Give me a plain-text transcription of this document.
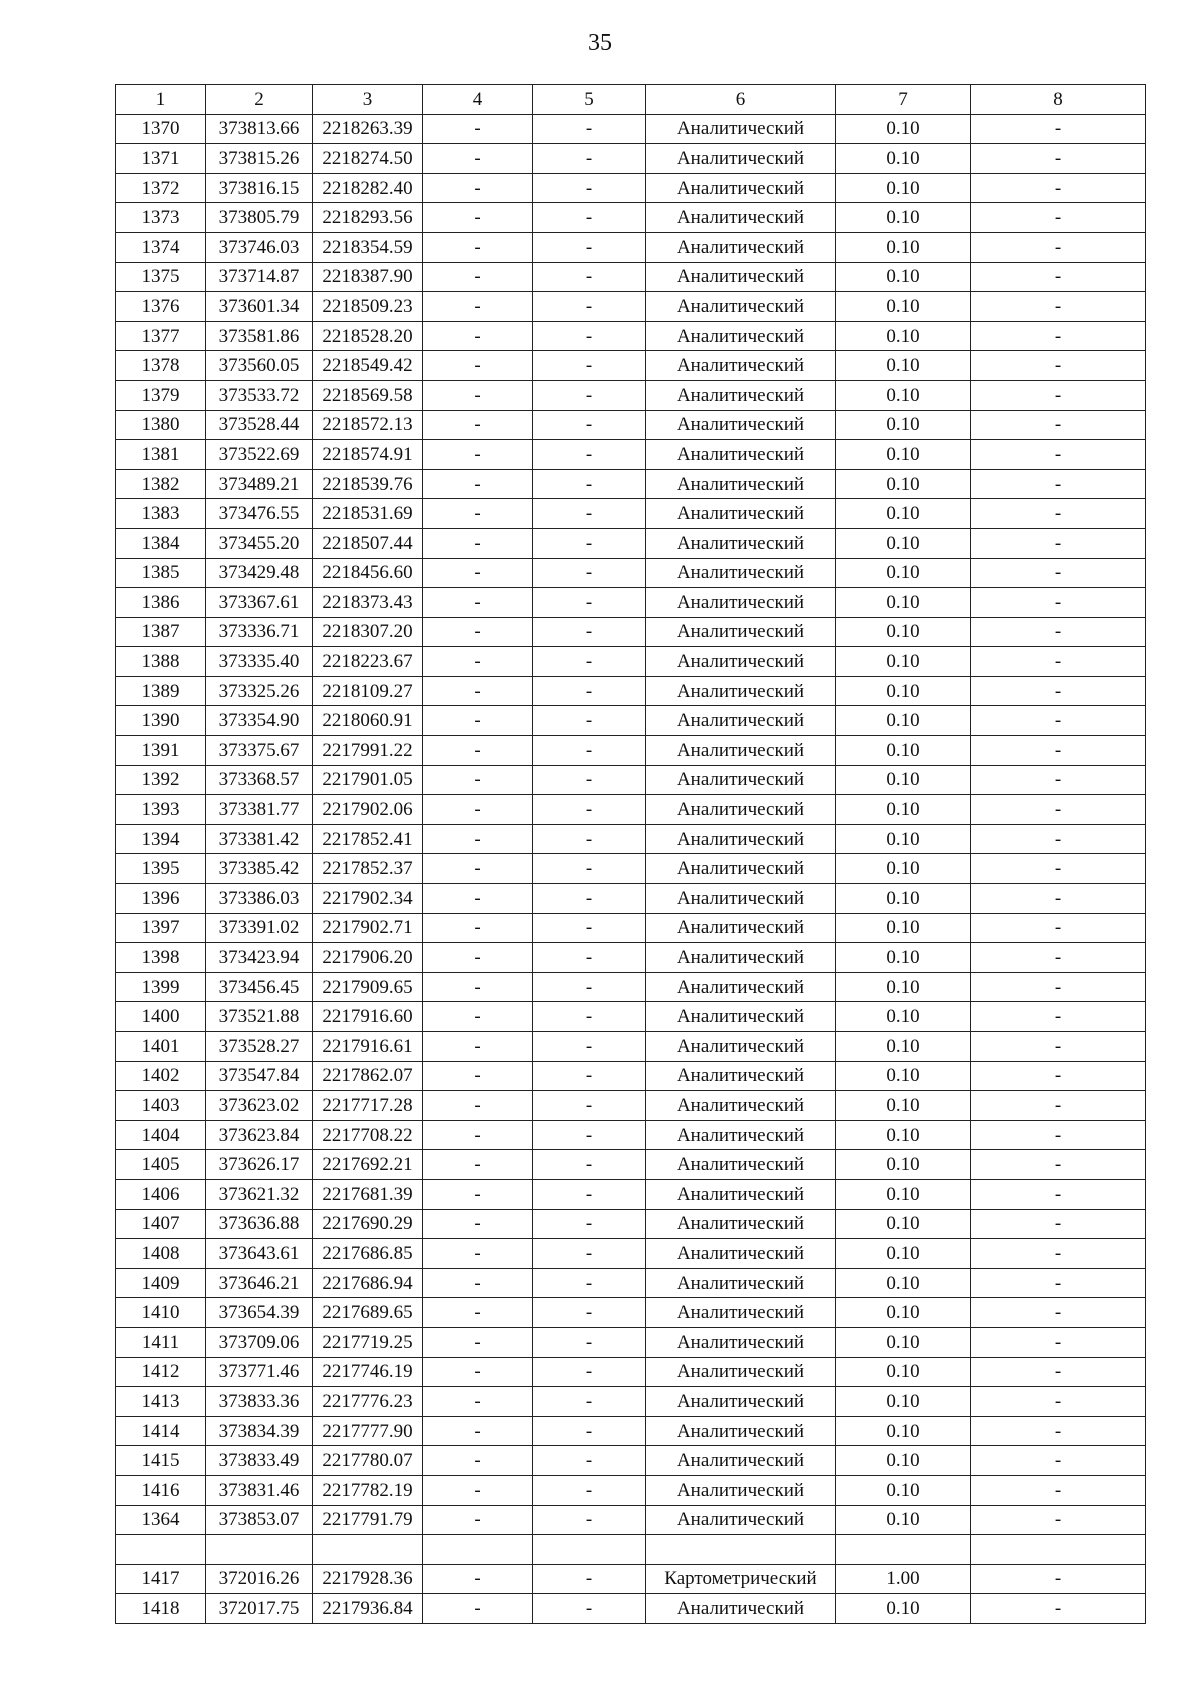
35
1	2	3	4	5	6	7	8
1370	373813.66	2218263.39	-	-	Аналитический	0.10	-
1371	373815.26	2218274.50	-	-	Аналитический	0.10	-
1372	373816.15	2218282.40	-	-	Аналитический	0.10	-
1373	373805.79	2218293.56	-	-	Аналитический	0.10	-
1374	373746.03	2218354.59	-	-	Аналитический	0.10	-
1375	373714.87	2218387.90	-	-	Аналитический	0.10	-
1376	373601.34	2218509.23	-	-	Аналитический	0.10	-
1377	373581.86	2218528.20	-	-	Аналитический	0.10	-
1378	373560.05	2218549.42	-	-	Аналитический	0.10	-
1379	373533.72	2218569.58	-	-	Аналитический	0.10	-
1380	373528.44	2218572.13	-	-	Аналитический	0.10	-
1381	373522.69	2218574.91	-	-	Аналитический	0.10	-
1382	373489.21	2218539.76	-	-	Аналитический	0.10	-
1383	373476.55	2218531.69	-	-	Аналитический	0.10	-
1384	373455.20	2218507.44	-	-	Аналитический	0.10	-
1385	373429.48	2218456.60	-	-	Аналитический	0.10	-
1386	373367.61	2218373.43	-	-	Аналитический	0.10	-
1387	373336.71	2218307.20	-	-	Аналитический	0.10	-
1388	373335.40	2218223.67	-	-	Аналитический	0.10	-
1389	373325.26	2218109.27	-	-	Аналитический	0.10	-
1390	373354.90	2218060.91	-	-	Аналитический	0.10	-
1391	373375.67	2217991.22	-	-	Аналитический	0.10	-
1392	373368.57	2217901.05	-	-	Аналитический	0.10	-
1393	373381.77	2217902.06	-	-	Аналитический	0.10	-
1394	373381.42	2217852.41	-	-	Аналитический	0.10	-
1395	373385.42	2217852.37	-	-	Аналитический	0.10	-
1396	373386.03	2217902.34	-	-	Аналитический	0.10	-
1397	373391.02	2217902.71	-	-	Аналитический	0.10	-
1398	373423.94	2217906.20	-	-	Аналитический	0.10	-
1399	373456.45	2217909.65	-	-	Аналитический	0.10	-
1400	373521.88	2217916.60	-	-	Аналитический	0.10	-
1401	373528.27	2217916.61	-	-	Аналитический	0.10	-
1402	373547.84	2217862.07	-	-	Аналитический	0.10	-
1403	373623.02	2217717.28	-	-	Аналитический	0.10	-
1404	373623.84	2217708.22	-	-	Аналитический	0.10	-
1405	373626.17	2217692.21	-	-	Аналитический	0.10	-
1406	373621.32	2217681.39	-	-	Аналитический	0.10	-
1407	373636.88	2217690.29	-	-	Аналитический	0.10	-
1408	373643.61	2217686.85	-	-	Аналитический	0.10	-
1409	373646.21	2217686.94	-	-	Аналитический	0.10	-
1410	373654.39	2217689.65	-	-	Аналитический	0.10	-
1411	373709.06	2217719.25	-	-	Аналитический	0.10	-
1412	373771.46	2217746.19	-	-	Аналитический	0.10	-
1413	373833.36	2217776.23	-	-	Аналитический	0.10	-
1414	373834.39	2217777.90	-	-	Аналитический	0.10	-
1415	373833.49	2217780.07	-	-	Аналитический	0.10	-
1416	373831.46	2217782.19	-	-	Аналитический	0.10	-
1364	373853.07	2217791.79	-	-	Аналитический	0.10	-

1417	372016.26	2217928.36	-	-	Картометрический	1.00	-
1418	372017.75	2217936.84	-	-	Аналитический	0.10	-
